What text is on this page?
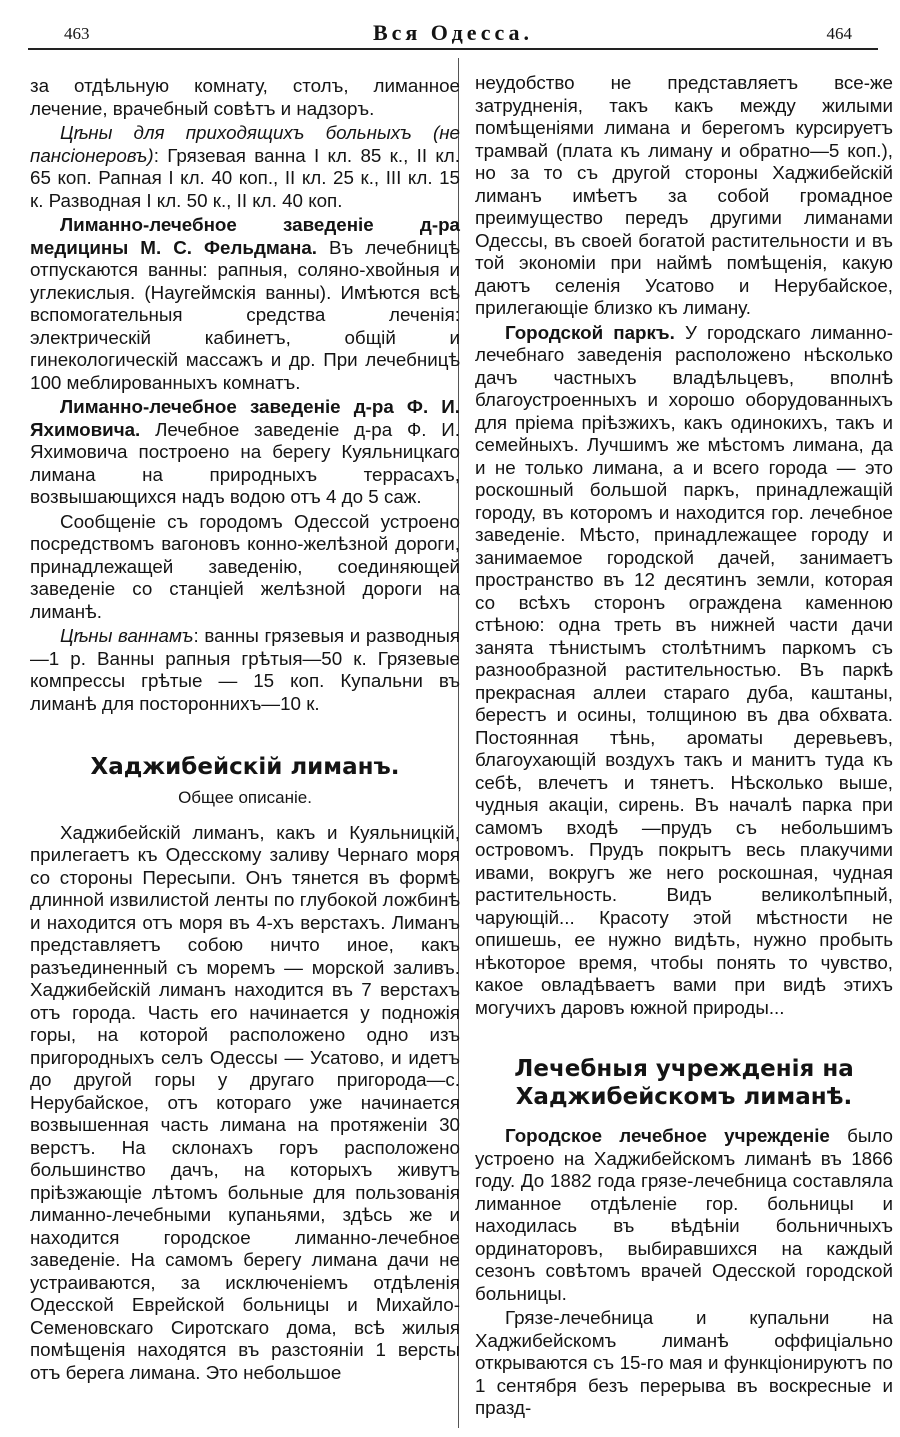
463	Вся Одесса.	464

за отдѣльную комнату, столъ, лиманное лечение, врачебный совѣтъ и надзоръ.

Цѣны для приходящихъ больныхъ (не пансіонеровъ): Грязевая ванна I кл. 85 к., II кл. 65 коп. Рапная I кл. 40 коп., II кл. 25 к., III кл. 15 к. Разводная I кл. 50 к., II кл. 40 коп.

Лиманно-лечебное заведеніе д-ра медицины М. С. Фельдмана. Въ лечебницѣ отпускаются ванны: рапныя, соляно-хвойныя и углекислыя. (Наугеймскія ванны). Имѣются всѣ вспомогательныя средства леченія: электрическій кабинетъ, общій и гинекологическій массажъ и др. При лечебницѣ 100 меблированныхъ комнатъ.

Лиманно-лечебное заведеніе д-ра Ф. И. Яхимовича. Лечебное заведеніе д-ра Ф. И. Яхимовича построено на берегу Куяльницкаго лимана на природныхъ террасахъ, возвышающихся надъ водою отъ 4 до 5 саж.

Сообщеніе съ городомъ Одессой устроено посредствомъ вагоновъ конно-желѣзной дороги, принадлежащей заведенію, соединяющей заведеніе со станціей желѣзной дороги на лиманѣ.

Цѣны ваннамъ: ванны грязевыя и разводныя—1 р. Ванны рапныя грѣтыя—50 к. Грязевые компрессы грѣтые — 15 коп. Купальни въ лиманѣ для постороннихъ—10 к.

Хаджибейскій лиманъ.
Общее описаніе.

Хаджибейскій лиманъ, какъ и Куяльницкій, прилегаетъ къ Одесскому заливу Чернаго моря со стороны Пересыпи. Онъ тянется въ формѣ длинной извилистой ленты по глубокой ложбинѣ и находится отъ моря въ 4-хъ верстахъ. Лиманъ представляетъ собою ничто иное, какъ разъединенный съ моремъ — морской заливъ. Хаджибейскій лиманъ находится въ 7 верстахъ отъ города. Часть его начинается у подножія горы, на которой расположено одно изъ пригородныхъ селъ Одессы — Усатово, и идетъ до другой горы у другаго пригорода—с. Нерубайское, отъ котораго уже начинается возвышенная часть лимана на протяженіи 30 верстъ. На склонахъ горъ расположено большинство дачъ, на которыхъ живутъ пріѣзжающіе лѣтомъ больные для пользованія лиманно-лечебными купаньями, здѣсь же и находится городское лиманно-лечебное заведеніе. На самомъ берегу лимана дачи не устраиваются, за исключеніемъ отдѣленія Одесской Еврейской больницы и Михайло-Семеновскаго Сиротскаго дома, всѣ жилыя помѣщенія находятся въ разстояніи 1 версты отъ берега лимана. Это небольшое

неудобство не представляетъ все-же затрудненія, такъ какъ между жилыми помѣщеніями лимана и берегомъ курсируетъ трамвай (плата къ лиману и обратно—5 коп.), но за то съ другой стороны Хаджибейскій лиманъ имѣетъ за собой громадное преимущество передъ другими лиманами Одессы, въ своей богатой растительности и въ той экономіи при наймѣ помѣщенія, какую даютъ селенія Усатово и Нерубайское, прилегающіе близко къ лиману.

Городской паркъ. У городскаго лиманно-лечебнаго заведенія расположено нѣсколько дачъ частныхъ владѣльцевъ, вполнѣ благоустроенныхъ и хорошо оборудованныхъ для пріема пріѣзжихъ, какъ одинокихъ, такъ и семейныхъ. Лучшимъ же мѣстомъ лимана, да и не только лимана, а и всего города — это роскошный большой паркъ, принадлежащій городу, въ которомъ и находится гор. лечебное заведеніе. Мѣсто, принадлежащее городу и занимаемое городской дачей, занимаетъ пространство въ 12 десятинъ земли, которая со всѣхъ сторонъ ограждена каменною стѣною: одна треть въ нижней части дачи занята тѣнистымъ столѣтнимъ паркомъ съ разнообразной растительностью. Въ паркѣ прекрасная аллеи стараго дуба, каштаны, берестъ и осины, толщиною въ два обхвата. Постоянная тѣнь, ароматы деревьевъ, благоухающій воздухъ такъ и манитъ туда къ себѣ, влечетъ и тянетъ. Нѣсколько выше, чудныя акаціи, сирень. Въ началѣ парка при самомъ входѣ —прудъ съ небольшимъ островомъ. Прудъ покрытъ весь плакучими ивами, вокругъ же него роскошная, чудная растительность. Видъ великолѣпный, чарующій... Красоту этой мѣстности не опишешь, ее нужно видѣть, нужно пробыть нѣкоторое время, чтобы понять то чувство, какое овладѣваетъ вами при видѣ этихъ могучихъ даровъ южной природы...

Лечебныя учрежденія на Хаджибейскомъ лиманѣ.

Городское лечебное учрежденіе было устроено на Хаджибейскомъ лиманѣ въ 1866 году. До 1882 года грязе-лечебница составляла лиманное отдѣленіе гор. больницы и находилась въ вѣдѣніи больничныхъ ординаторовъ, выбиравшихся на каждый сезонъ совѣтомъ врачей Одесской городской больницы.

Грязе-лечебница и купальни на Хаджибейскомъ лиманѣ оффиціально открываются съ 15-го мая и функціонируютъ по 1 сентября безъ перерыва въ воскресные и празд-
